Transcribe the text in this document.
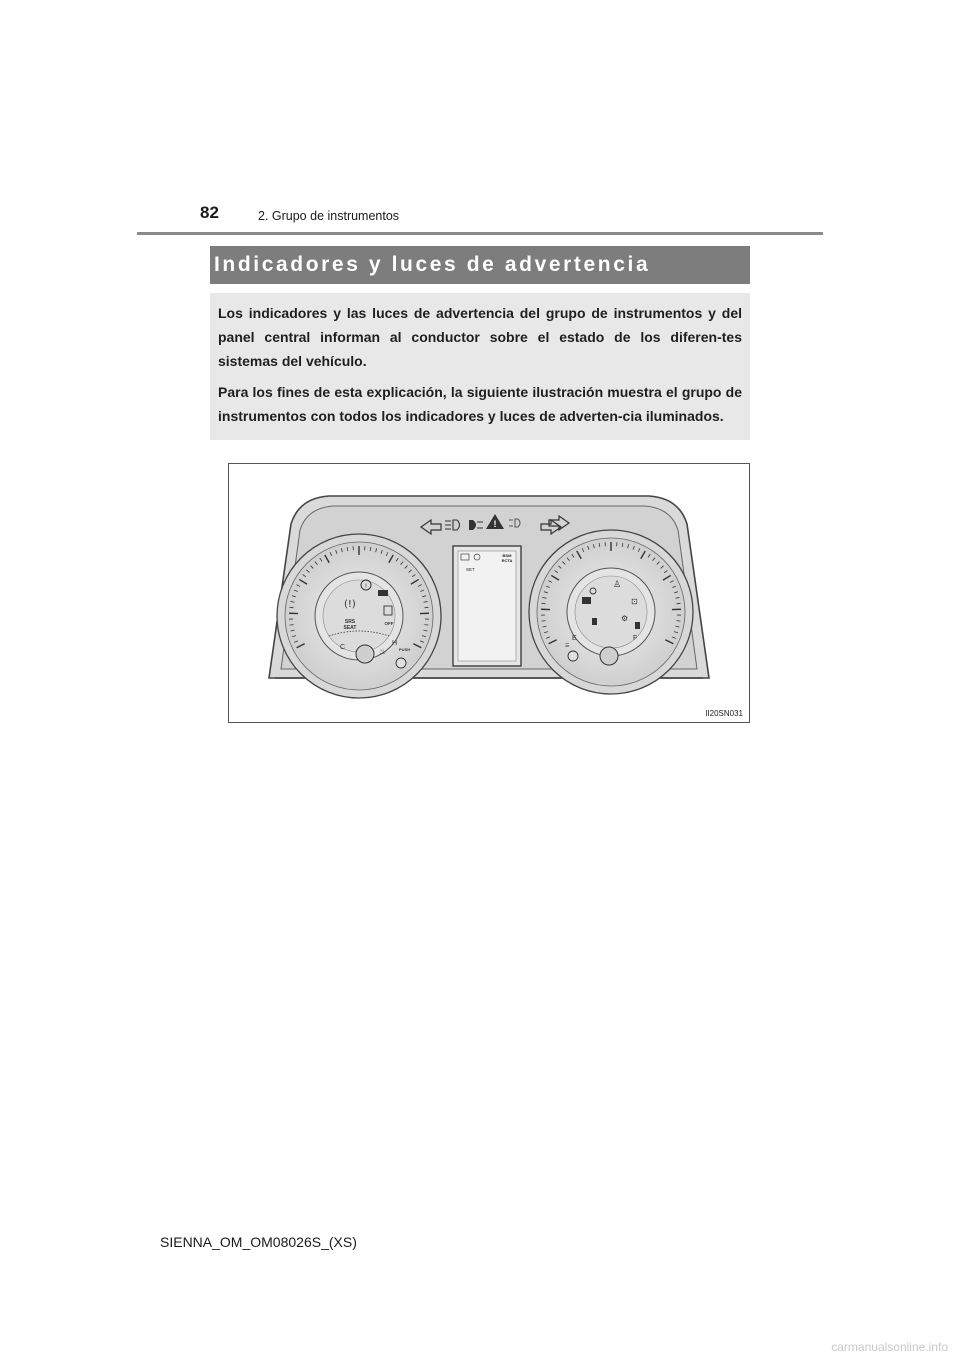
82	2. Grupo de instrumentos
Indicadores y luces de advertencia

Los indicadores y las luces de advertencia del grupo de instrumentos y del panel central informan al conductor sobre el estado de los diferen-tes sistemas del vehículo.

Para los fines de esta explicación, la siguiente ilustración muestra el grupo de instrumentos con todos los indicadores y luces de adverten-cia iluminados.

!
SET
BSM
RCTA
!
(!)
SRS
SEAT
OFF
C
H
♨	PUSH
♙
⊡
⚙
E	F
☰
II20SN031
SIENNA_OM_OM08026S_(XS)
carmanualsonline.info
